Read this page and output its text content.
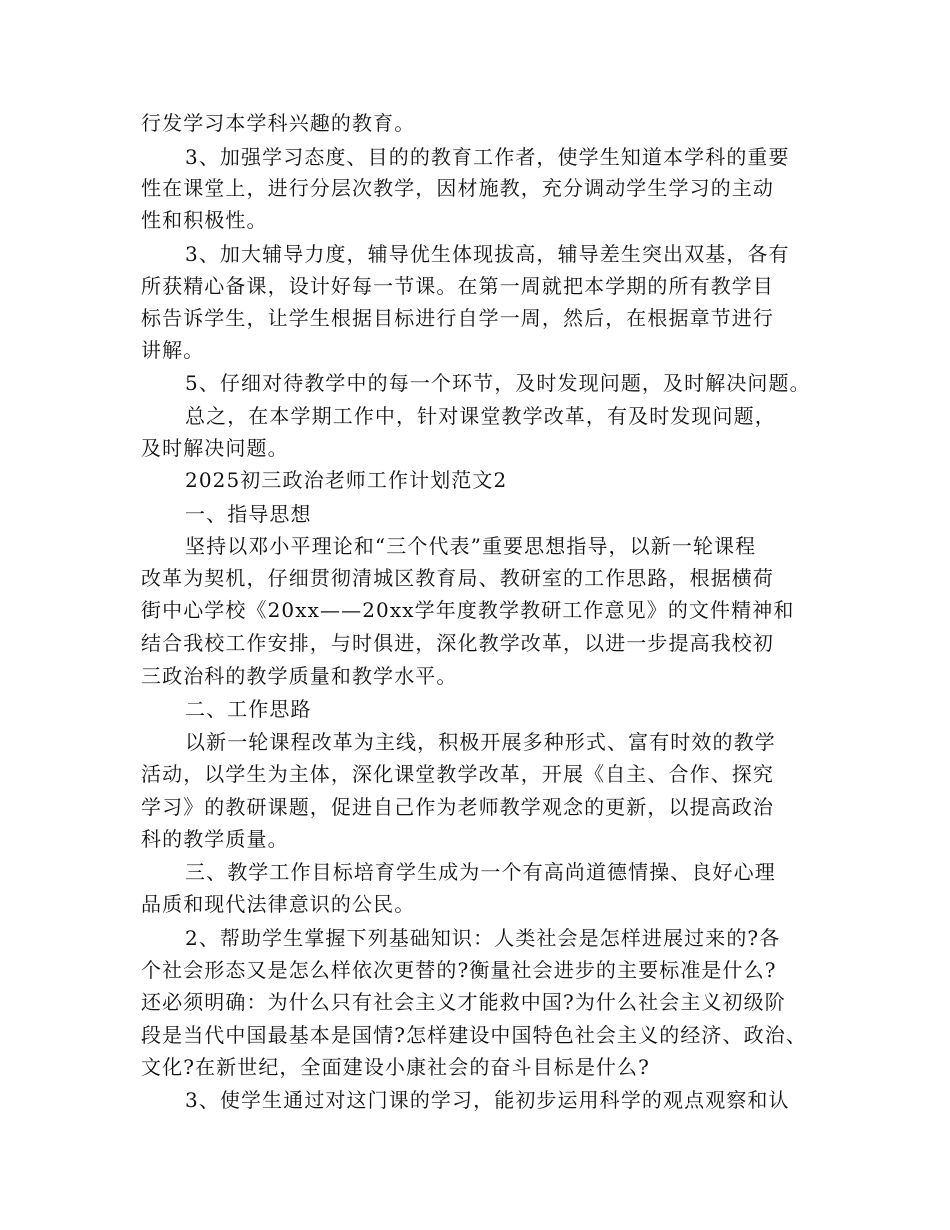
行发学习本学科兴趣的教育。
3、加强学习态度、目的的教育工作者，使学生知道本学科的重要
性在课堂上，进行分层次教学，因材施教，充分调动学生学习的主动
性和积极性。
3、加大辅导力度，辅导优生体现拔高，辅导差生突出双基，各有
所获精心备课，设计好每一节课。在第一周就把本学期的所有教学目
标告诉学生，让学生根据目标进行自学一周，然后，在根据章节进行
讲解。
5、仔细对待教学中的每一个环节，及时发现问题，及时解决问题。
总之，在本学期工作中，针对课堂教学改革，有及时发现问题，
及时解决问题。
2025初三政治老师工作计划范文2
一、指导思想
坚持以邓小平理论和“三个代表”重要思想指导，以新一轮课程
改革为契机，仔细贯彻清城区教育局、教研室的工作思路，根据横荷
街中心学校《20xx——20xx学年度教学教研工作意见》的文件精神和
结合我校工作安排，与时俱进，深化教学改革，以进一步提高我校初
三政治科的教学质量和教学水平。
二、工作思路
以新一轮课程改革为主线，积极开展多种形式、富有时效的教学
活动，以学生为主体，深化课堂教学改革，开展《自主、合作、探究
学习》的教研课题，促进自己作为老师教学观念的更新，以提高政治
科的教学质量。
三、教学工作目标培育学生成为一个有高尚道德情操、良好心理
品质和现代法律意识的公民。
2、帮助学生掌握下列基础知识：人类社会是怎样进展过来的?各
个社会形态又是怎么样依次更替的?衡量社会进步的主要标准是什么?
还必须明确：为什么只有社会主义才能救中国?为什么社会主义初级阶
段是当代中国最基本是国情?怎样建设中国特色社会主义的经济、政治、
文化?在新世纪，全面建设小康社会的奋斗目标是什么?
3、使学生通过对这门课的学习，能初步运用科学的观点观察和认
